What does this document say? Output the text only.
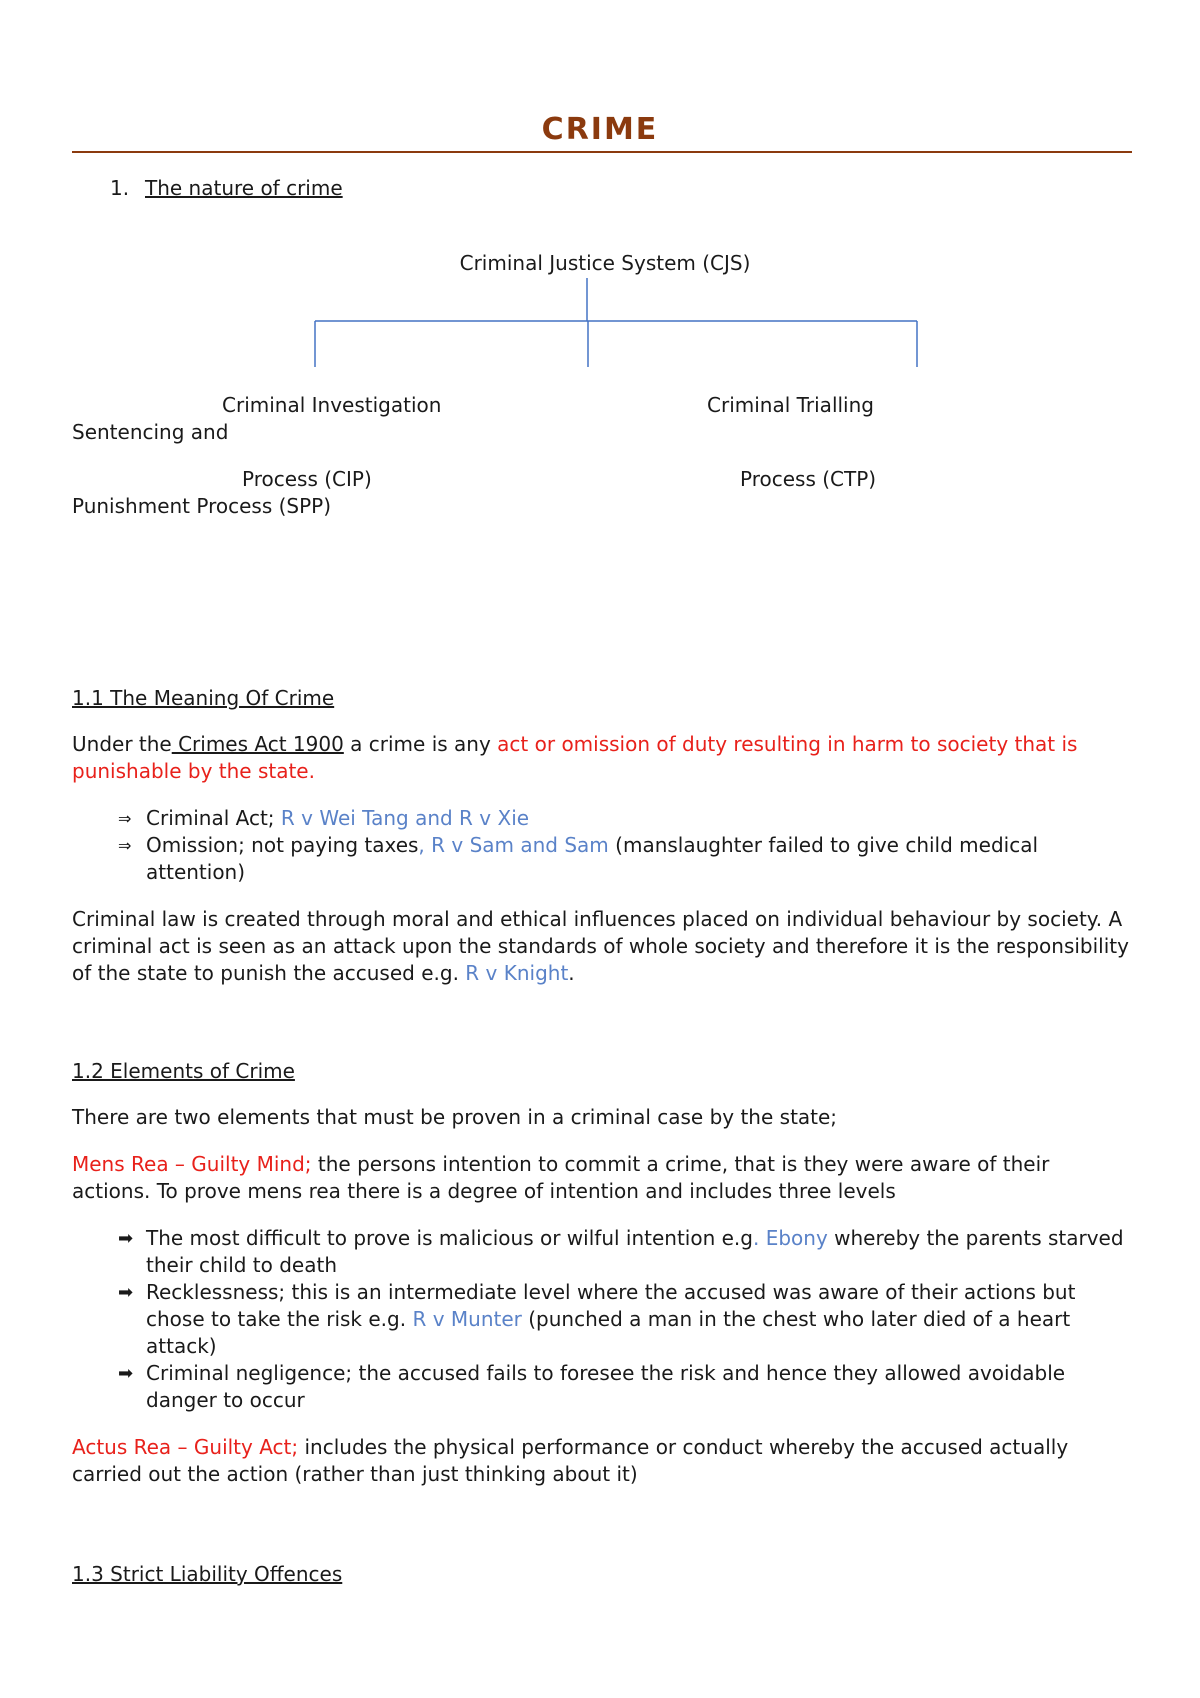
CRIME
1. The nature of crime
Criminal Justice System (CJS)
Criminal Investigation
Process (CIP)
Criminal Trialling
Process (CTP)
Sentencing and
Punishment Process (SPP)
1.1 The Meaning Of Crime

Under the Crimes Act 1900 a crime is any act or omission of duty resulting in harm to society that is punishable by the state.

⇒ Criminal Act; R v Wei Tang and R v Xie
⇒ Omission; not paying taxes, R v Sam and Sam (manslaughter failed to give child medical attention)

Criminal law is created through moral and ethical influences placed on individual behaviour by society. A criminal act is seen as an attack upon the standards of whole society and therefore it is the responsibility of the state to punish the accused e.g. R v Knight.

1.2 Elements of Crime

There are two elements that must be proven in a criminal case by the state;

Mens Rea – Guilty Mind; the persons intention to commit a crime, that is they were aware of their actions. To prove mens rea there is a degree of intention and includes three levels

➡ The most difficult to prove is malicious or wilful intention e.g. Ebony whereby the parents starved their child to death
➡ Recklessness; this is an intermediate level where the accused was aware of their actions but chose to take the risk e.g. R v Munter (punched a man in the chest who later died of a heart attack)
➡ Criminal negligence; the accused fails to foresee the risk and hence they allowed avoidable danger to occur

Actus Rea – Guilty Act; includes the physical performance or conduct whereby the accused actually carried out the action (rather than just thinking about it)

1.3 Strict Liability Offences
